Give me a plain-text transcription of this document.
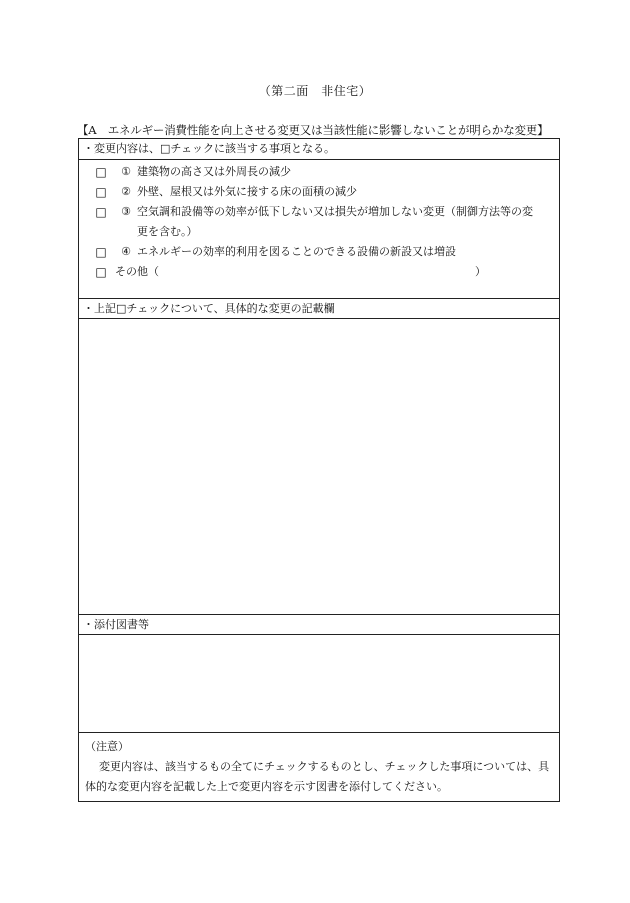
（第二面　非住宅）
【A　エネルギー消費性能を向上させる変更又は当該性能に影響しないことが明らかな変更】
・変更内容は、□チェックに該当する事項となる。
□	① 建築物の高さ又は外周長の減少
□	② 外壁、屋根又は外気に接する床の面積の減少
□	③ 空気調和設備等の効率が低下しない又は損失が増加しない変更（制御方法等の変
更を含む。）
□	④ エネルギーの効率的利用を図ることのできる設備の新設又は増設
□ その他（	）
・上記□チェックについて、具体的な変更の記載欄
・添付図書等
（注意）
変更内容は、該当するもの全てにチェックするものとし、チェックした事項については、具体的な変更内容を記載した上で変更内容を示す図書を添付してください。
